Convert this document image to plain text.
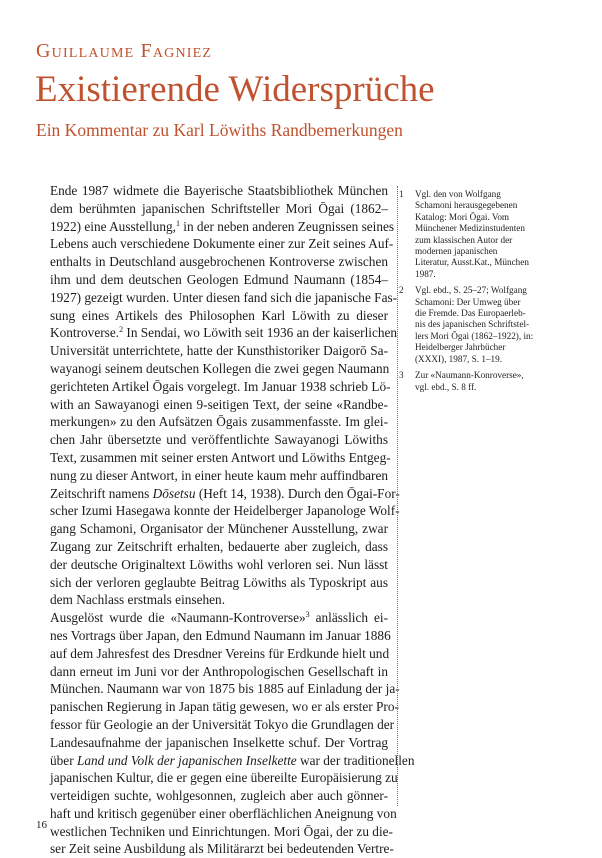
Guillaume Fagniez
Existierende Widersprüche
Ein Kommentar zu Karl Löwiths Randbemerkungen

Ende 1987 widmete die Bayerische Staatsbibliothek München
dem berühmten japanischen Schriftsteller Mori Ōgai (1862–
1922) eine Ausstellung,$^1$ in der neben anderen Zeugnissen seines
Lebens auch verschiedene Dokumente einer zur Zeit seines Auf-
enthalts in Deutschland ausgebrochenen Kontroverse zwischen
ihm und dem deutschen Geologen Edmund Naumann (1854–
1927) gezeigt wurden. Unter diesen fand sich die japanische Fas-
sung eines Artikels des Philosophen Karl Löwith zu dieser
Kontroverse.$^2$ In Sendai, wo Löwith seit 1936 an der kaiserlichen
Universität unterrichtete, hatte der Kunsthistoriker Daigorō Sa-
wayanogi seinem deutschen Kollegen die zwei gegen Naumann
gerichteten Artikel Ōgais vorgelegt. Im Januar 1938 schrieb Lö-
with an Sawayanogi einen 9-seitigen Text, der seine «Randbe-
merkungen» zu den Aufsätzen Ōgais zusammenfasste. Im glei-
chen Jahr übersetzte und veröffentlichte Sawayanogi Löwiths
Text, zusammen mit seiner ersten Antwort und Löwiths Entgeg-
nung zu dieser Antwort, in einer heute kaum mehr auffindbaren
Zeitschrift namens Dōsetsu (Heft 14, 1938). Durch den Ōgai-For-
scher Izumi Hasegawa konnte der Heidelberger Japanologe Wolf-
gang Schamoni, Organisator der Münchener Ausstellung, zwar
Zugang zur Zeitschrift erhalten, bedauerte aber zugleich, dass
der deutsche Originaltext Löwiths wohl verloren sei. Nun lässt
sich der verloren geglaubte Beitrag Löwiths als Typoskript aus
dem Nachlass erstmals einsehen.

Ausgelöst wurde die «Naumann-Kontroverse»$^3$ anlässlich ei-
nes Vortrags über Japan, den Edmund Naumann im Januar 1886
auf dem Jahresfest des Dresdner Vereins für Erdkunde hielt und
dann erneut im Juni vor der Anthropologischen Gesellschaft in
München. Naumann war von 1875 bis 1885 auf Einladung der ja-
panischen Regierung in Japan tätig gewesen, wo er als erster Pro-
fessor für Geologie an der Universität Tokyo die Grundlagen der
Landesaufnahme der japanischen Inselkette schuf. Der Vortrag
über Land und Volk der japanischen Inselkette war der traditionellen
japanischen Kultur, die er gegen eine übereilte Europäisierung zu
verteidigen suchte, wohlgesonnen, zugleich aber auch gönner-
haft und kritisch gegenüber einer oberflächlichen Aneignung von
westlichen Techniken und Einrichtungen. Mori Ōgai, der zu die-
ser Zeit seine Ausbildung als Militärarzt bei bedeutenden Vertre-

1	Vgl. den von Wolfgang
Schamoni herausgegebenen
Katalog: Mori Ōgai. Vom
Münchener Medizinstudenten
zum klassischen Autor der
modernen japanischen
Literatur, Ausst.Kat., München
1987.
2	Vgl. ebd., S. 25–27; Wolfgang
Schamoni: Der Umweg über
die Fremde. Das Europaerleb-
nis des japanischen Schriftstel-
lers Mori Ōgai (1862–1922), in:
Heidelberger Jahrbücher
(XXXI), 1987, S. 1–19.
3	Zur «Naumann-Konroverse»,
vgl. ebd., S. 8 ff.
16
